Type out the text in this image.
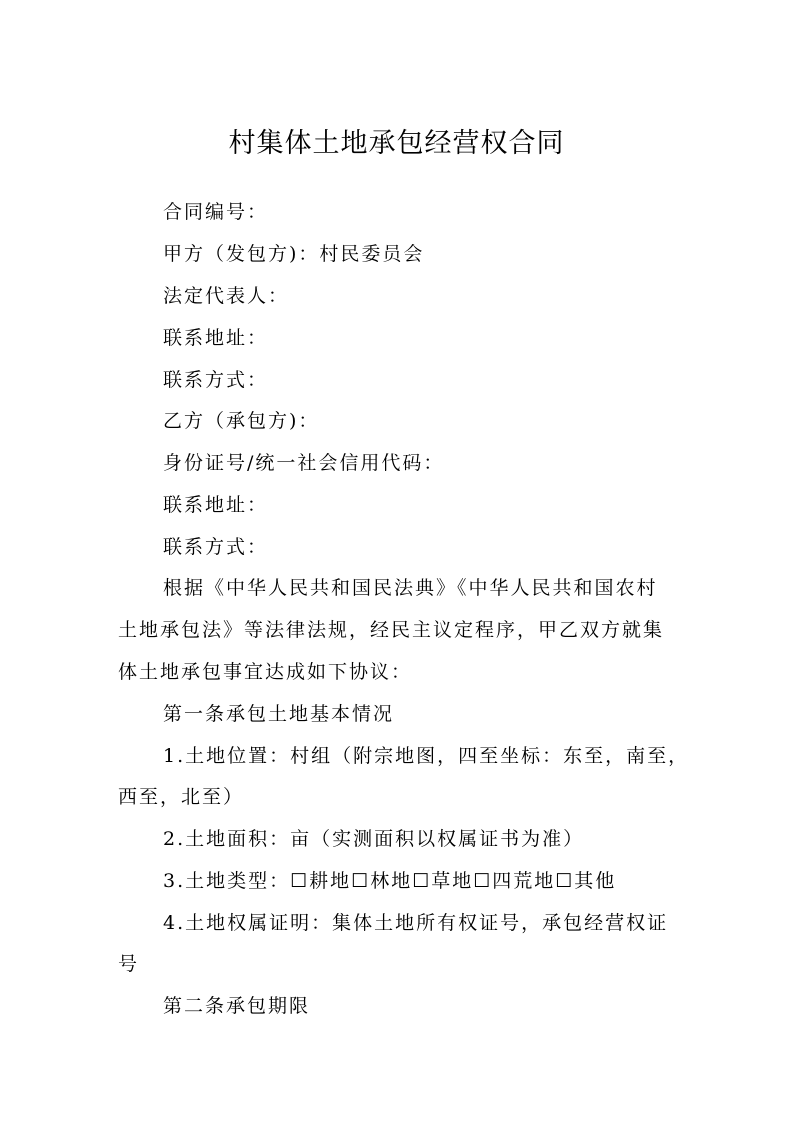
村集体土地承包经营权合同
合同编号：
甲方（发包方)：村民委员会
法定代表人：
联系地址：
联系方式：
乙方（承包方)：
身份证号/统一社会信用代码：
联系地址：
联系方式：
根据《中华人民共和国民法典》《中华人民共和国农村
土地承包法》等法律法规，经民主议定程序，甲乙双方就集
体土地承包事宜达成如下协议：
第一条承包土地基本情况
1.土地位置：村组（附宗地图，四至坐标：东至，南至，
西至，北至）
2.土地面积：亩（实测面积以权属证书为准）
3.土地类型：☐耕地☐林地☐草地☐四荒地☐其他
4.土地权属证明：集体土地所有权证号，承包经营权证
号
第二条承包期限
